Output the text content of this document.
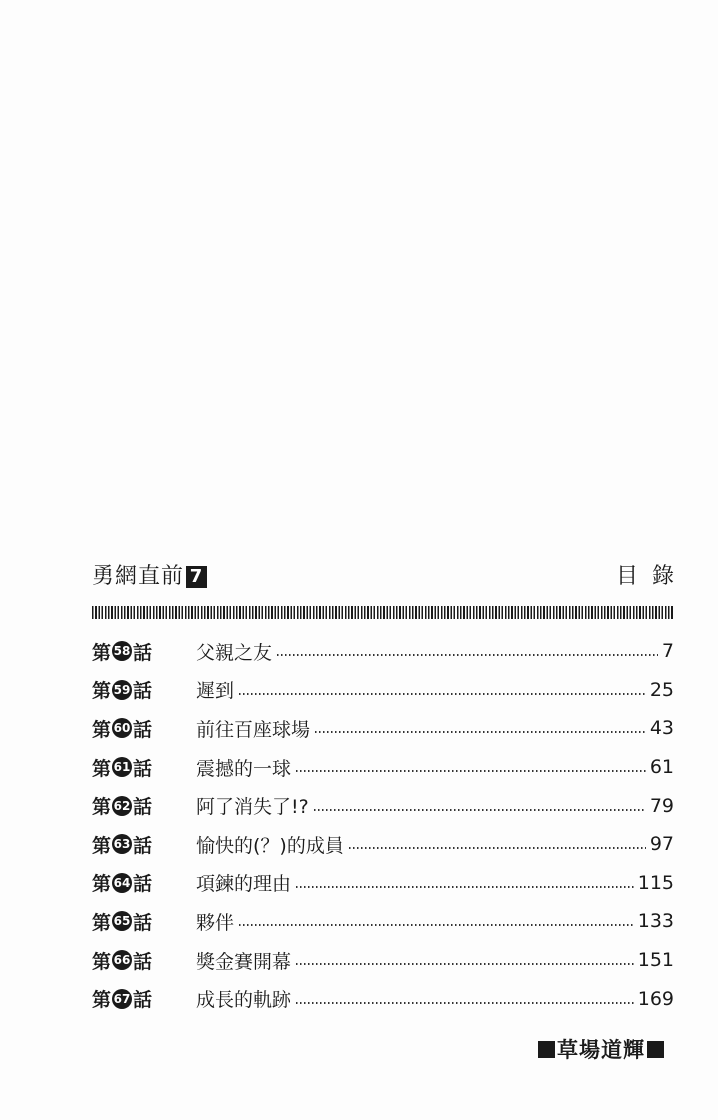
勇網直前 7	目錄
第 58 話 父親之友	7
第 59 話 遲到	25
第 60 話 前往百座球場	43
第 61 話 震撼的一球	61
第 62 話 阿了消失了!?	79
第 63 話 愉快的(？)的成員	97
第 64 話 項鍊的理由	115
第 65 話 夥伴	133
第 66 話 獎金賽開幕	151
第 67 話 成長的軌跡	169
草場道輝
